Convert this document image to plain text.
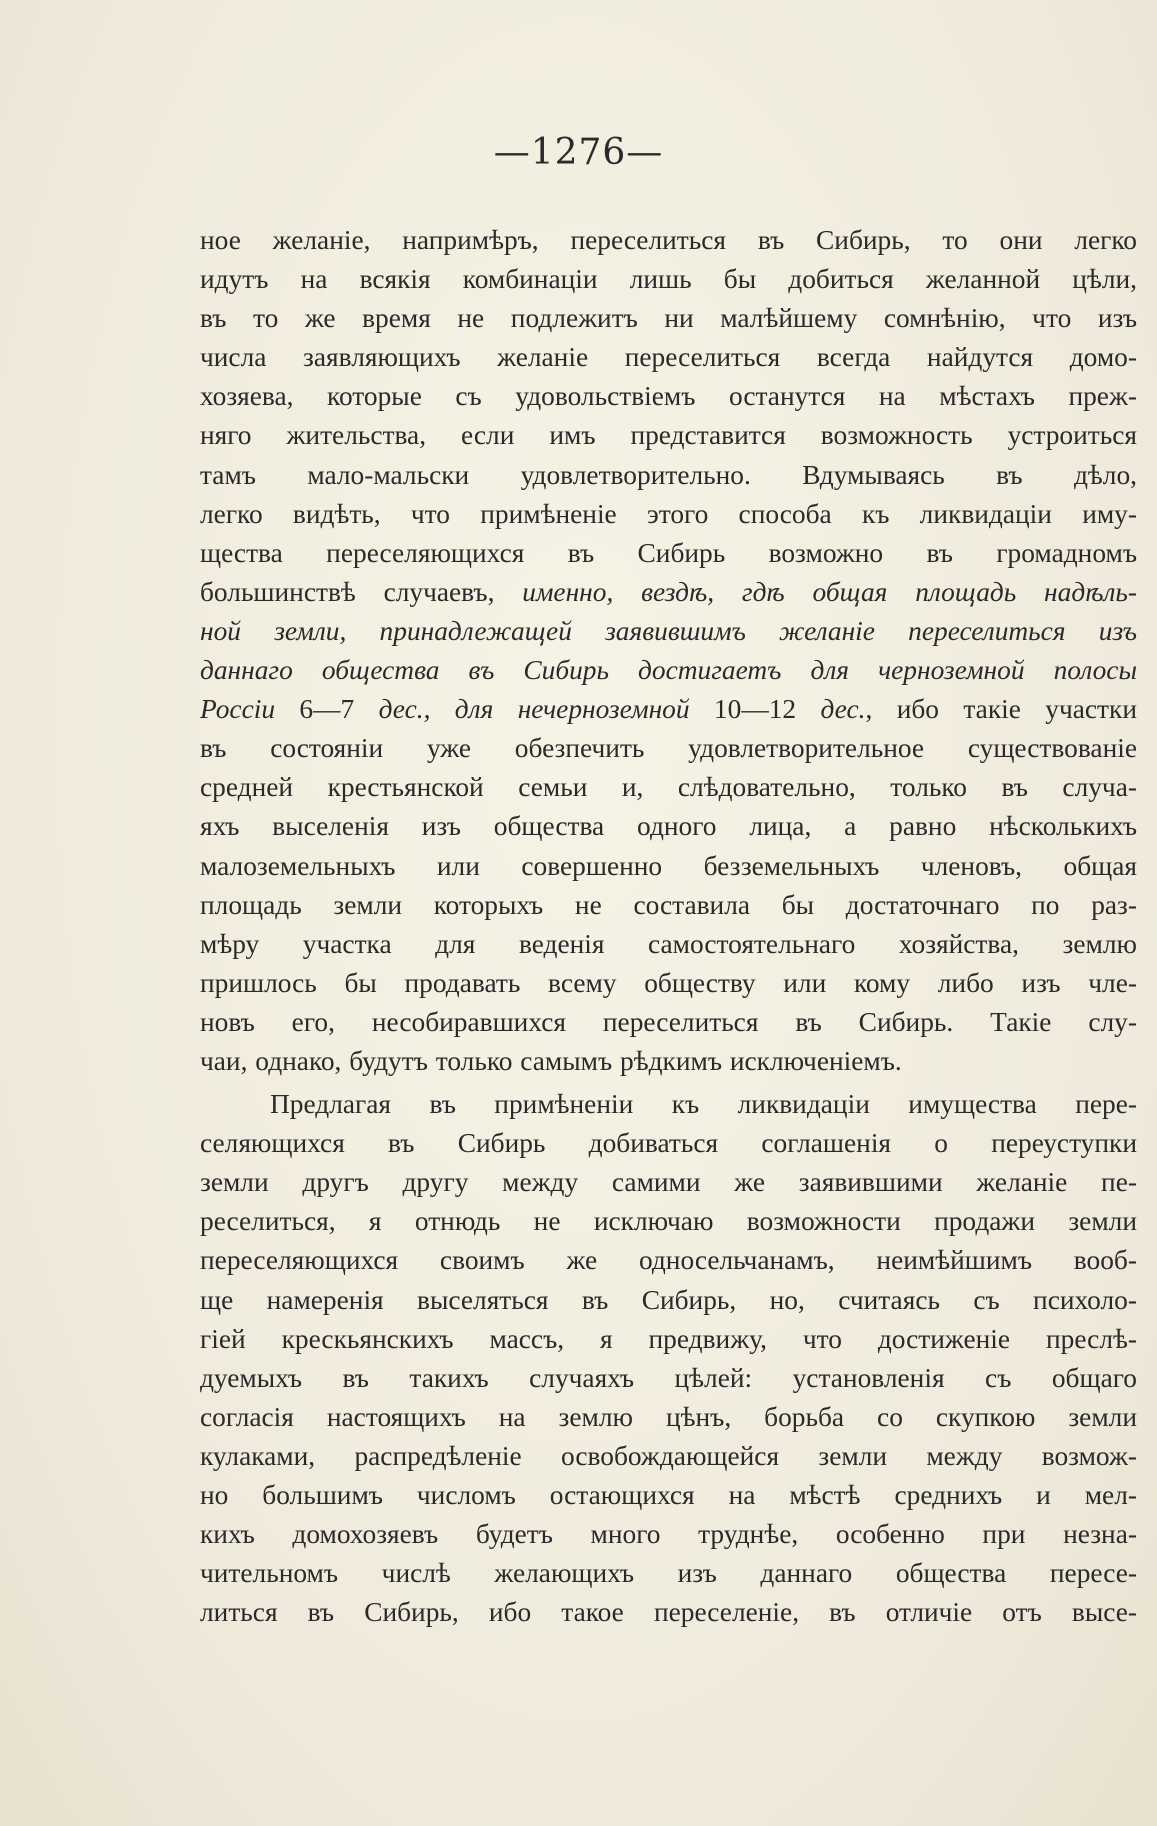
—1276—
ное желаніе, напримѣръ, переселиться въ Сибирь, то они легко
идутъ на всякія комбинаціи лишь бы добиться желанной цѣли,
въ то же время не подлежитъ ни малѣйшему сомнѣнію, что изъ
числа заявляющихъ желаніе переселиться всегда найдутся домо-
хозяева, которые съ удовольствіемъ останутся на мѣстахъ преж-
няго жительства, если имъ представится возможность устроиться
тамъ мало-мальски удовлетворительно. Вдумываясь въ дѣло,
легко видѣть, что примѣненіе этого способа къ ликвидаціи иму-
щества переселяющихся въ Сибирь возможно въ громадномъ
большинствѣ случаевъ, именно, вездѣ, гдѣ общая площадь надѣль-
ной земли, принадлежащей заявившимъ желаніе переселиться изъ
даннаго общества въ Сибирь достигаетъ для черноземной полосы
Россіи 6—7 дес., для нечерноземной 10—12 дес., ибо такіе участки
въ состояніи уже обезпечить удовлетворительное существованіе
средней крестьянской семьи и, слѣдовательно, только въ случа-
яхъ выселенія изъ общества одного лица, а равно нѣсколькихъ
малоземельныхъ или совершенно безземельныхъ членовъ, общая
площадь земли которыхъ не составила бы достаточнаго по раз-
мѣру участка для веденія самостоятельнаго хозяйства, землю
пришлось бы продавать всему обществу или кому либо изъ чле-
новъ его, несобиравшихся переселиться въ Сибирь. Такіе слу-
чаи, однако, будутъ только самымъ рѣдкимъ исключеніемъ.
Предлагая въ примѣненіи къ ликвидаціи имущества пере-
селяющихся въ Сибирь добиваться соглашенія о переуступки
земли другъ другу между самими же заявившими желаніе пе-
реселиться, я отнюдь не исключаю возможности продажи земли
переселяющихся своимъ же односельчанамъ, неимѣйшимъ вооб-
ще намеренія выселяться въ Сибирь, но, считаясь съ психоло-
гіей крескьянскихъ массъ, я предвижу, что достиженіе преслѣ-
дуемыхъ въ такихъ случаяхъ цѣлей: установленія съ общаго
согласія настоящихъ на землю цѣнъ, борьба со скупкою земли
кулаками, распредѣленіе освобождающейся земли между возмож-
но большимъ числомъ остающихся на мѣстѣ среднихъ и мел-
кихъ домохозяевъ будетъ много труднѣе, особенно при незна-
чительномъ числѣ желающихъ изъ даннаго общества пересе-
литься въ Сибирь, ибо такое переселеніе, въ отличіе отъ высе-
